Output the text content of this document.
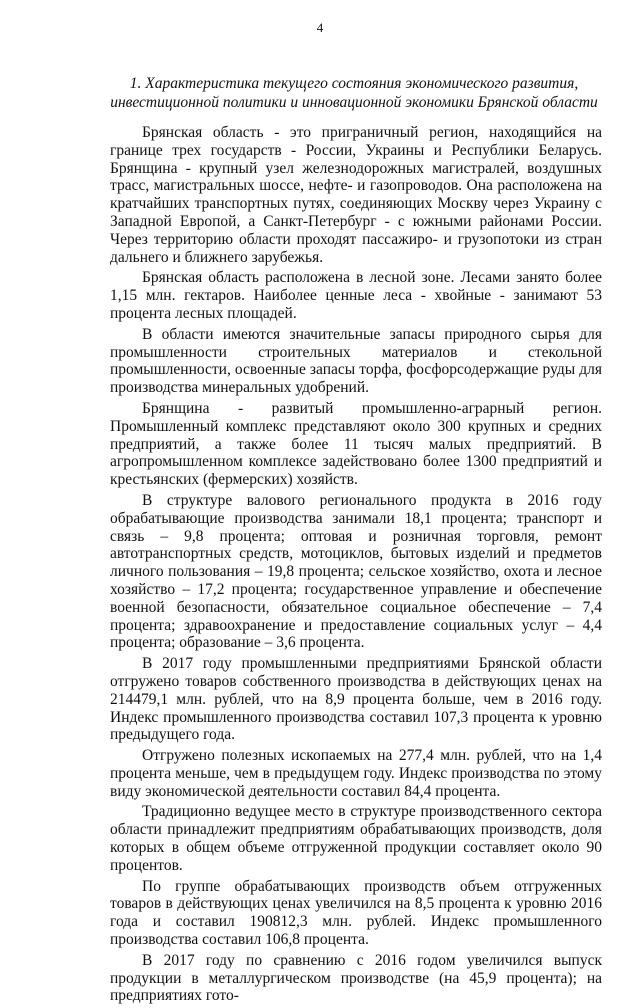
4
1. Характеристика текущего состояния экономического развития, инвестиционной политики и инновационной экономики Брянской области

Брянская область - это приграничный регион, находящийся на границе трех государств - России, Украины и Республики Беларусь. Брянщина - крупный узел железнодорожных магистралей, воздушных трасс, магистральных шоссе, нефте- и газопроводов. Она расположена на кратчайших транспортных путях, соединяющих Москву через Украину с Западной Европой, а Санкт-Петербург - с южными районами России. Через территорию области проходят пассажиро- и грузопотоки из стран дальнего и ближнего зарубежья.

Брянская область расположена в лесной зоне. Лесами занято более 1,15 млн. гектаров. Наиболее ценные леса - хвойные - занимают 53 процента лесных площадей.

В области имеются значительные запасы природного сырья для промышленности строительных материалов и стекольной промышленности, освоенные запасы торфа, фосфорсодержащие руды для производства минеральных удобрений.

Брянщина - развитый промышленно-аграрный регион. Промышленный комплекс представляют около 300 крупных и средних предприятий, а также более 11 тысяч малых предприятий. В агропромышленном комплексе задействовано более 1300 предприятий и крестьянских (фермерских) хозяйств.

В структуре валового регионального продукта в 2016 году обрабатывающие производства занимали 18,1 процента; транспорт и связь – 9,8 процента; оптовая и розничная торговля, ремонт автотранспортных средств, мотоциклов, бытовых изделий и предметов личного пользования – 19,8 процента; сельское хозяйство, охота и лесное хозяйство – 17,2 процента; государственное управление и обеспечение военной безопасности, обязательное социальное обеспечение – 7,4 процента; здравоохранение и предоставление социальных услуг – 4,4 процента; образование – 3,6 процента.

В 2017 году промышленными предприятиями Брянской области отгружено товаров собственного производства в действующих ценах на 214479,1 млн. рублей, что на 8,9 процента больше, чем в 2016 году. Индекс промышленного производства составил 107,3 процента к уровню предыдущего года.

Отгружено полезных ископаемых на 277,4 млн. рублей, что на 1,4 процента меньше, чем в предыдущем году. Индекс производства по этому виду экономической деятельности составил 84,4 процента.

Традиционно ведущее место в структуре производственного сектора области принадлежит предприятиям обрабатывающих производств, доля которых в общем объеме отгруженной продукции составляет около 90 процентов.

По группе обрабатывающих производств объем отгруженных товаров в действующих ценах увеличился на 8,5 процента к уровню 2016 года и составил 190812,3 млн. рублей. Индекс промышленного производства составил 106,8 процента.

В 2017 году по сравнению с 2016 годом увеличился выпуск продукции в металлургическом производстве (на 45,9 процента); на предприятиях гото-
